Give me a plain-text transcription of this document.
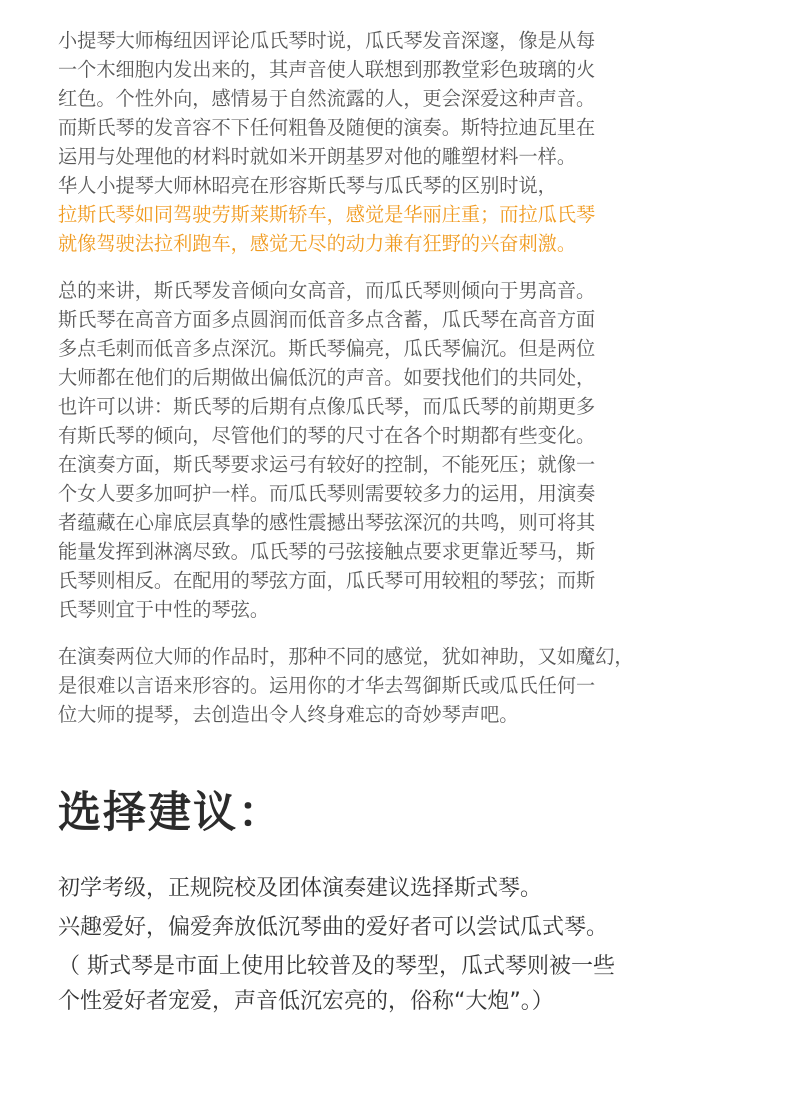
小提琴大师梅纽因评论瓜氏琴时说，瓜氏琴发音深邃，像是从每
一个木细胞内发出来的，其声音使人联想到那教堂彩色玻璃的火
红色。个性外向，感情易于自然流露的人，更会深爱这种声音。
而斯氏琴的发音容不下任何粗鲁及随便的演奏。斯特拉迪瓦里在
运用与处理他的材料时就如米开朗基罗对他的雕塑材料一样。
华人小提琴大师林昭亮在形容斯氏琴与瓜氏琴的区别时说，
拉斯氏琴如同驾驶劳斯莱斯轿车，感觉是华丽庄重；而拉瓜氏琴
就像驾驶法拉利跑车，感觉无尽的动力兼有狂野的兴奋刺激。

总的来讲，斯氏琴发音倾向女高音，而瓜氏琴则倾向于男高音。
斯氏琴在高音方面多点圆润而低音多点含蓄，瓜氏琴在高音方面
多点毛刺而低音多点深沉。斯氏琴偏亮，瓜氏琴偏沉。但是两位
大师都在他们的后期做出偏低沉的声音。如要找他们的共同处，
也许可以讲：斯氏琴的后期有点像瓜氏琴，而瓜氏琴的前期更多
有斯氏琴的倾向，尽管他们的琴的尺寸在各个时期都有些变化。
在演奏方面，斯氏琴要求运弓有较好的控制，不能死压；就像一
个女人要多加呵护一样。而瓜氏琴则需要较多力的运用，用演奏
者蕴藏在心扉底层真挚的感性震撼出琴弦深沉的共鸣，则可将其
能量发挥到淋漓尽致。瓜氏琴的弓弦接触点要求更靠近琴马，斯
氏琴则相反。在配用的琴弦方面，瓜氏琴可用较粗的琴弦；而斯
氏琴则宜于中性的琴弦。

在演奏两位大师的作品时，那种不同的感觉，犹如神助，又如魔幻，
是很难以言语来形容的。运用你的才华去驾御斯氏或瓜氏任何一
位大师的提琴，去创造出令人终身难忘的奇妙琴声吧。

选择建议：

初学考级，正规院校及团体演奏建议选择斯式琴。

兴趣爱好，偏爱奔放低沉琴曲的爱好者可以尝试瓜式琴。

（ 斯式琴是市面上使用比较普及的琴型，瓜式琴则被一些
个性爱好者宠爱，声音低沉宏亮的，俗称“大炮”。）
